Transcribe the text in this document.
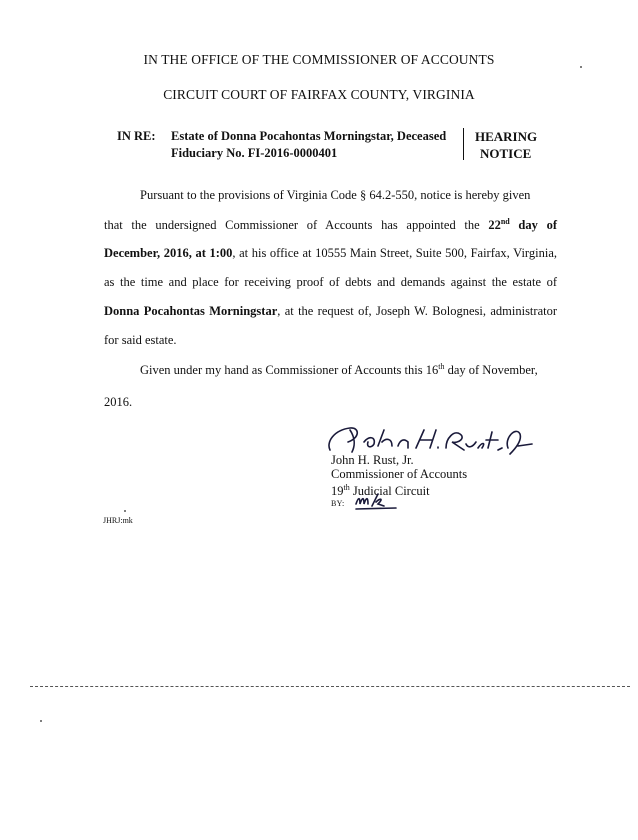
IN THE OFFICE OF THE COMMISSIONER OF ACCOUNTS
CIRCUIT COURT OF FAIRFAX COUNTY, VIRGINIA
IN RE: Estate of Donna Pocahontas Morningstar, Deceased
Fiduciary No. FI-2016-0000401
HEARING
NOTICE
Pursuant to the provisions of Virginia Code § 64.2-550, notice is hereby given
that the undersigned Commissioner of Accounts has appointed the 22nd day of
December, 2016, at 1:00, at his office at 10555 Main Street, Suite 500, Fairfax, Virginia,
as the time and place for receiving proof of debts and demands against the estate of
Donna Pocahontas Morningstar, at the request of, Joseph W. Bolognesi, administrator
for said estate.
Given under my hand as Commissioner of Accounts this 16th day of November,
2016.
John H. Rust, Jr.
Commissioner of Accounts
19th Judicial Circuit
BY:
JHRJ:mk
